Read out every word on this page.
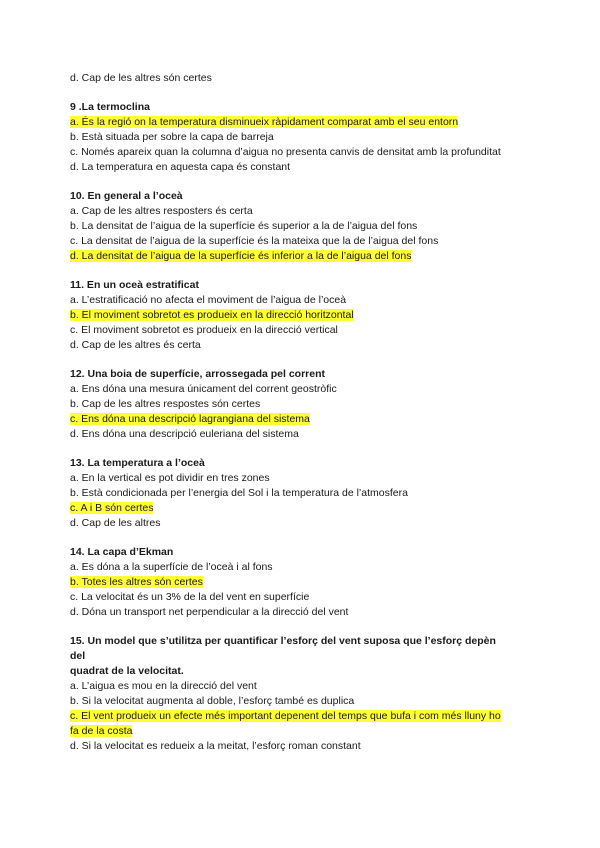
d. Cap de les altres són certes
9 .La termoclina
a. És la regió on la temperatura disminueix ràpidament comparat amb el seu entorn
b. Està situada per sobre la capa de barreja
c. Només apareix quan la columna d’aigua no presenta canvis de densitat amb la profunditat
d. La temperatura en aquesta capa és constant
10. En general a l’oceà
a. Cap de les altres resposters és certa
b. La densitat de l’aigua de la superfície és superior a la de l’aigua del fons
c. La densitat de l’aigua de la superfície és la mateixa que la de l’aigua del fons
d. La densitat de l’aigua de la superfície és inferior a la de l’aigua del fons
11. En un oceà estratificat
a. L’estratificació no afecta el moviment de l’aigua de l’oceà
b. El moviment sobretot es produeix en la direcció horitzontal
c. El moviment sobretot es produeix en la direcció vertical
d. Cap de les altres és certa
12. Una boia de superfície, arrossegada pel corrent
a. Ens dóna una mesura únicament del corrent geostròfic
b. Cap de les altres respostes són certes
c. Ens dóna una descripció lagrangiana del sistema
d. Ens dóna una descripció euleriana del sistema
13. La temperatura a l’oceà
a. En la vertical es pot dividir en tres zones
b. Està condicionada per l’energia del Sol i la temperatura de l’atmosfera
c. A i B són certes
d. Cap de les altres
14. La capa d’Ekman
a. Es dóna a la superfície de l’oceà i al fons
b. Totes les altres són certes
c. La velocitat és un 3% de la del vent en superfície
d. Dóna un transport net perpendicular a la direcció del vent
15. Un model que s’utilitza per quantificar l’esforç del vent suposa que l’esforç depèn
del
quadrat de la velocitat.
a. L’aigua es mou en la direcció del vent
b. Si la velocitat augmenta al doble, l’esforç també es duplica
c. El vent produeix un efecte més important depenent del temps que bufa i com més lluny ho
fa de la costa
d. Si la velocitat es redueix a la meitat, l’esforç roman constant
